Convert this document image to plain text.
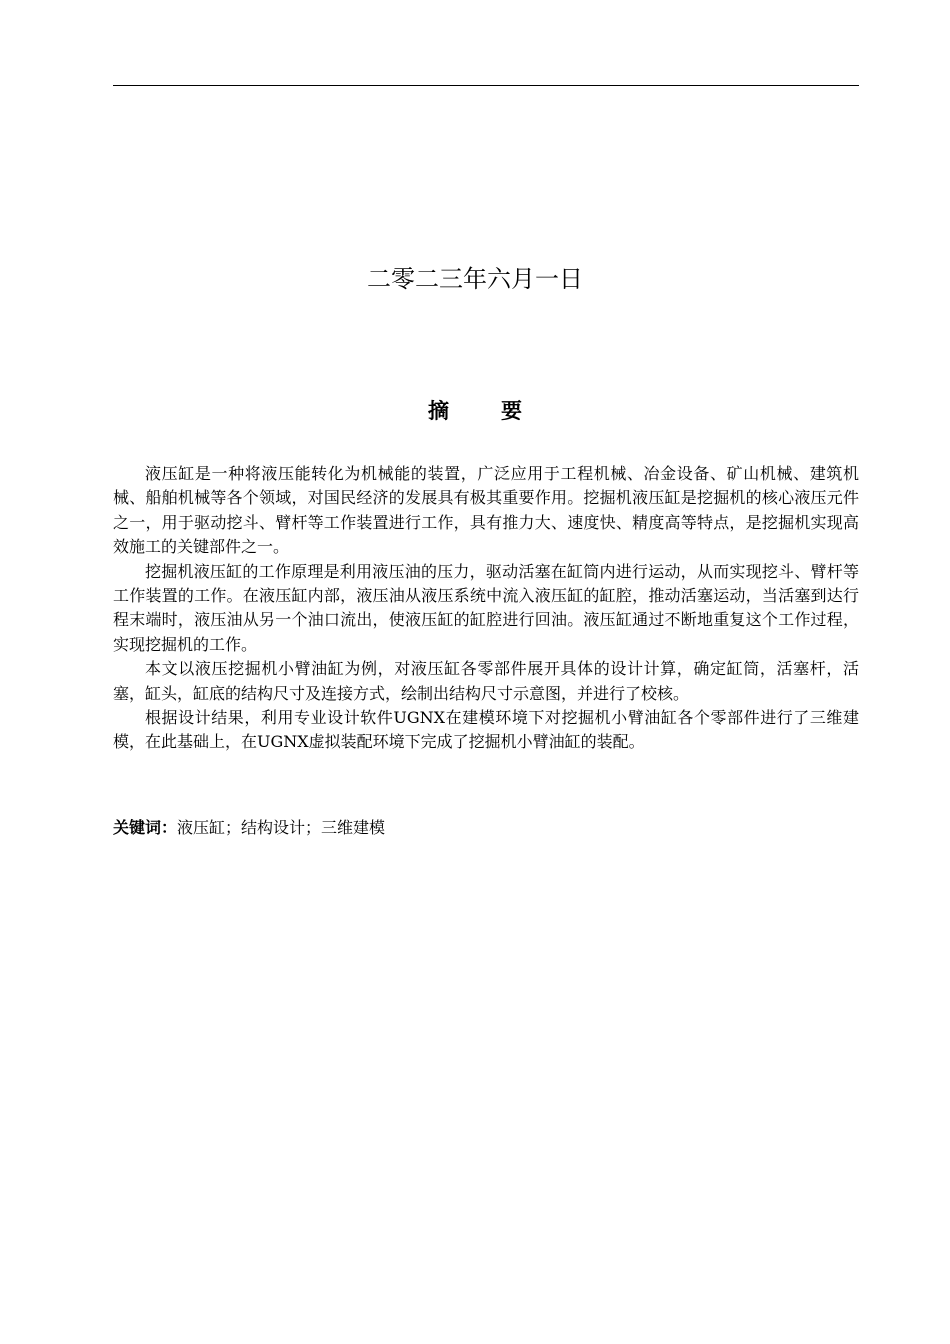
二零二三年六月一日
摘 要

液压缸是一种将液压能转化为机械能的装置，广泛应用于工程机械、冶金设备、矿山机械、建筑机械、船舶机械等各个领域，对国民经济的发展具有极其重要作用。挖掘机液压缸是挖掘机的核心液压元件之一，用于驱动挖斗、臂杆等工作装置进行工作，具有推力大、速度快、精度高等特点，是挖掘机实现高效施工的关键部件之一。

挖掘机液压缸的工作原理是利用液压油的压力，驱动活塞在缸筒内进行运动，从而实现挖斗、臂杆等工作装置的工作。在液压缸内部，液压油从液压系统中流入液压缸的缸腔，推动活塞运动，当活塞到达行程末端时，液压油从另一个油口流出，使液压缸的缸腔进行回油。液压缸通过不断地重复这个工作过程，实现挖掘机的工作。

本文以液压挖掘机小臂油缸为例，对液压缸各零部件展开具体的设计计算，确定缸筒，活塞杆，活塞，缸头，缸底的结构尺寸及连接方式，绘制出结构尺寸示意图，并进行了校核。

根据设计结果，利用专业设计软件UGNX在建模环境下对挖掘机小臂油缸各个零部件进行了三维建模，在此基础上，在UGNX虚拟装配环境下完成了挖掘机小臂油缸的装配。

关键词：液压缸；结构设计；三维建模
